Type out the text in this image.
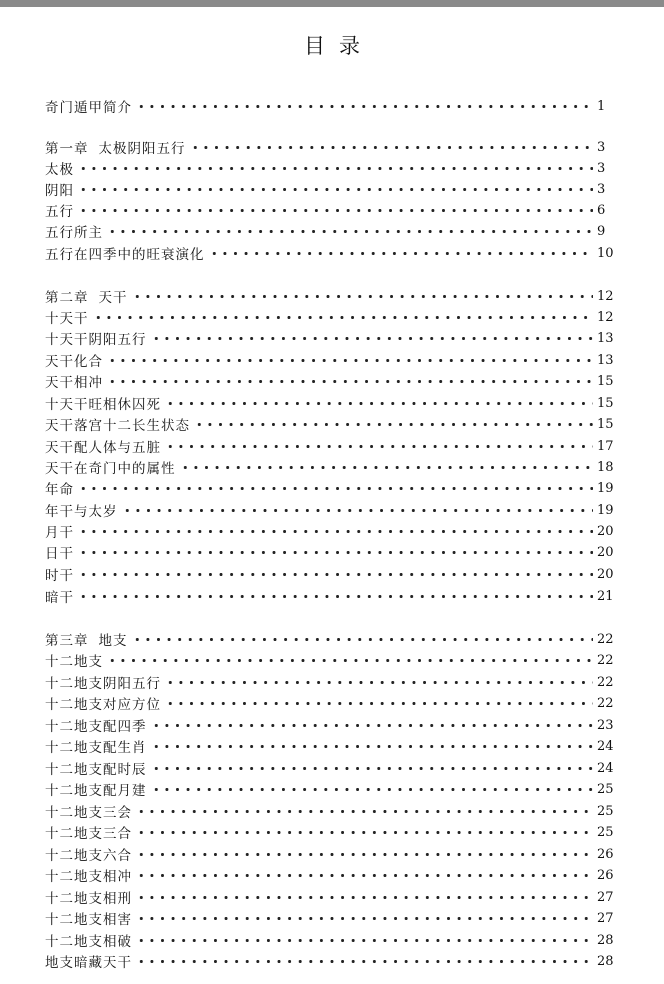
目录
奇门遁甲简介	1
第一章 太极阴阳五行	3
太极	3
阴阳	3
五行	6
五行所主	9
五行在四季中的旺衰演化	10
第二章 天干	12
十天干	12
十天干阴阳五行	13
天干化合	13
天干相冲	15
十天干旺相休囚死	15
天干落宫十二长生状态	15
天干配人体与五脏	17
天干在奇门中的属性	18
年命	19
年干与太岁	19
月干	20
日干	20
时干	20
暗干	21
第三章 地支	22
十二地支	22
十二地支阴阳五行	22
十二地支对应方位	22
十二地支配四季	23
十二地支配生肖	24
十二地支配时辰	24
十二地支配月建	25
十二地支三会	25
十二地支三合	25
十二地支六合	26
十二地支相冲	26
十二地支相刑	27
十二地支相害	27
十二地支相破	28
地支暗藏天干	28
